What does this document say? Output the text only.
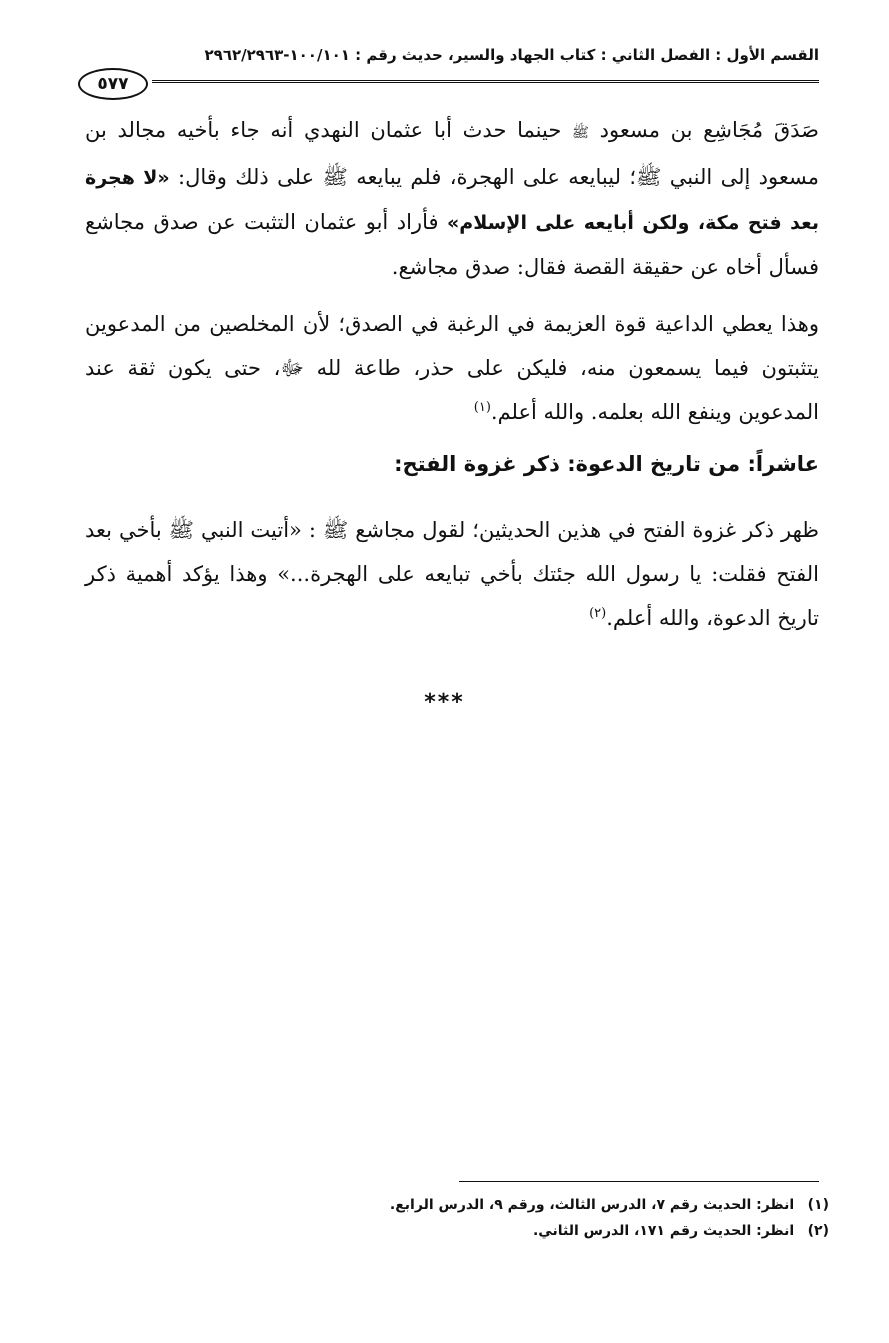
القسم الأول : الفصل الثاني : كتاب الجهاد والسير، حديث رقم : ١٠٠/١٠١-٢٩٦٢/٢٩٦٣
٥٧٧
صَدَقَ مُجَاشِع بن مسعود ﷺ حينما حدث أبا عثمان النهدي أنه جاء بأخيه مجالد بن مسعود إلى النبي ﷺ؛ ليبايعه على الهجرة، فلم يبايعه ﷺ على ذلك وقال: «لا هجرة بعد فتح مكة، ولكن أبايعه على الإسلام» فأراد أبو عثمان التثبت عن صدق مجاشع فسأل أخاه عن حقيقة القصة فقال: صدق مجاشع.
وهذا يعطي الداعية قوة العزيمة في الرغبة في الصدق؛ لأن المخلصين من المدعوين يتثبتون فيما يسمعون منه، فليكن على حذر، طاعة لله ﷻ، حتى يكون ثقة عند المدعوين وينفع الله بعلمه. والله أعلم.$^{(١)}$
عاشراً: من تاريخ الدعوة: ذكر غزوة الفتح:
ظهر ذكر غزوة الفتح في هذين الحديثين؛ لقول مجاشع ﷺ : «أتيت النبي ﷺ بأخي بعد الفتح فقلت: يا رسول الله جئتك بأخي تبايعه على الهجرة...» وهذا يؤكد أهمية ذكر تاريخ الدعوة، والله أعلم.$^{(٢)}$
***
(١) انظر: الحديث رقم ٧، الدرس الثالث، ورقم ٩، الدرس الرابع.
(٢) انظر: الحديث رقم ١٧١، الدرس الثاني.
